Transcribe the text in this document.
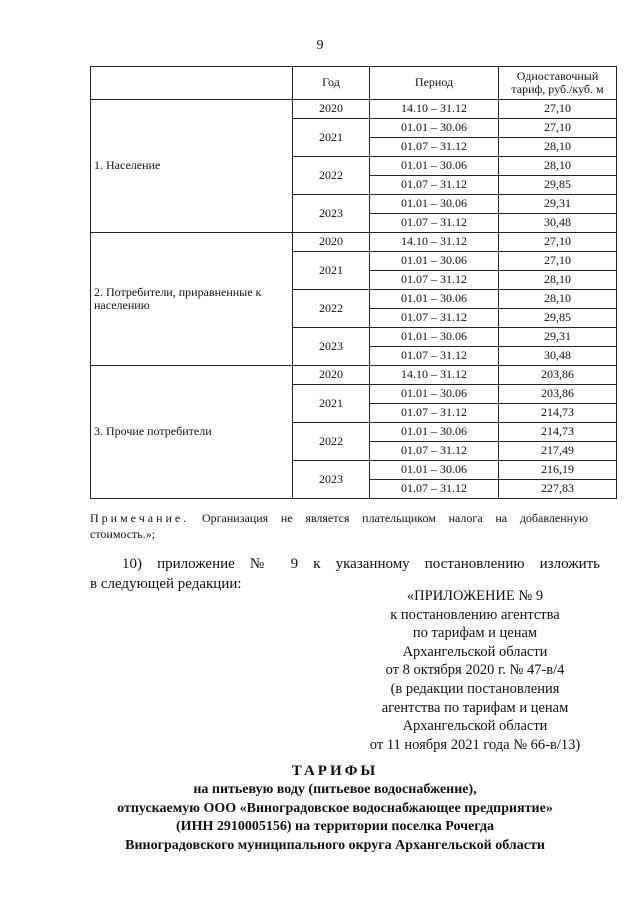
9
	Год	Период	Одноставочный тариф, руб./куб. м
1. Население	2020	14.10 – 31.12	27,10
	2021	01.01 – 30.06	27,10
		01.07 – 31.12	28,10
	2022	01.01 – 30.06	28,10
		01.07 – 31.12	29,85
	2023	01.01 – 30.06	29,31
		01.07 – 31.12	30,48
2. Потребители, приравненные к населению	2020	14.10 – 31.12	27,10
	2021	01.01 – 30.06	27,10
		01.07 – 31.12	28,10
	2022	01.01 – 30.06	28,10
		01.07 – 31.12	29,85
	2023	01.01 – 30.06	29,31
		01.07 – 31.12	30,48
3. Прочие потребители	2020	14.10 – 31.12	203,86
	2021	01.01 – 30.06	203,86
		01.07 – 31.12	214,73
	2022	01.01 – 30.06	214,73
		01.07 – 31.12	217,49
	2023	01.01 – 30.06	216,19
		01.07 – 31.12	227,83
Примечание. Организация не является плательщиком налога на добавленную стоимость.»;
10) приложение № 9 к указанному постановлению изложить
в следующей редакции:
«ПРИЛОЖЕНИЕ № 9
к постановлению агентства
по тарифам и ценам
Архангельской области
от 8 октября 2020 г. № 47-в/4
(в редакции постановления
агентства по тарифам и ценам
Архангельской области
от 11 ноября 2021 года № 66-в/13)
ТАРИФЫ
на питьевую воду (питьевое водоснабжение),
отпускаемую ООО «Виноградовское водоснабжающее предприятие»
(ИНН 2910005156) на территории поселка Рочегда
Виноградовского муниципального округа Архангельской области
